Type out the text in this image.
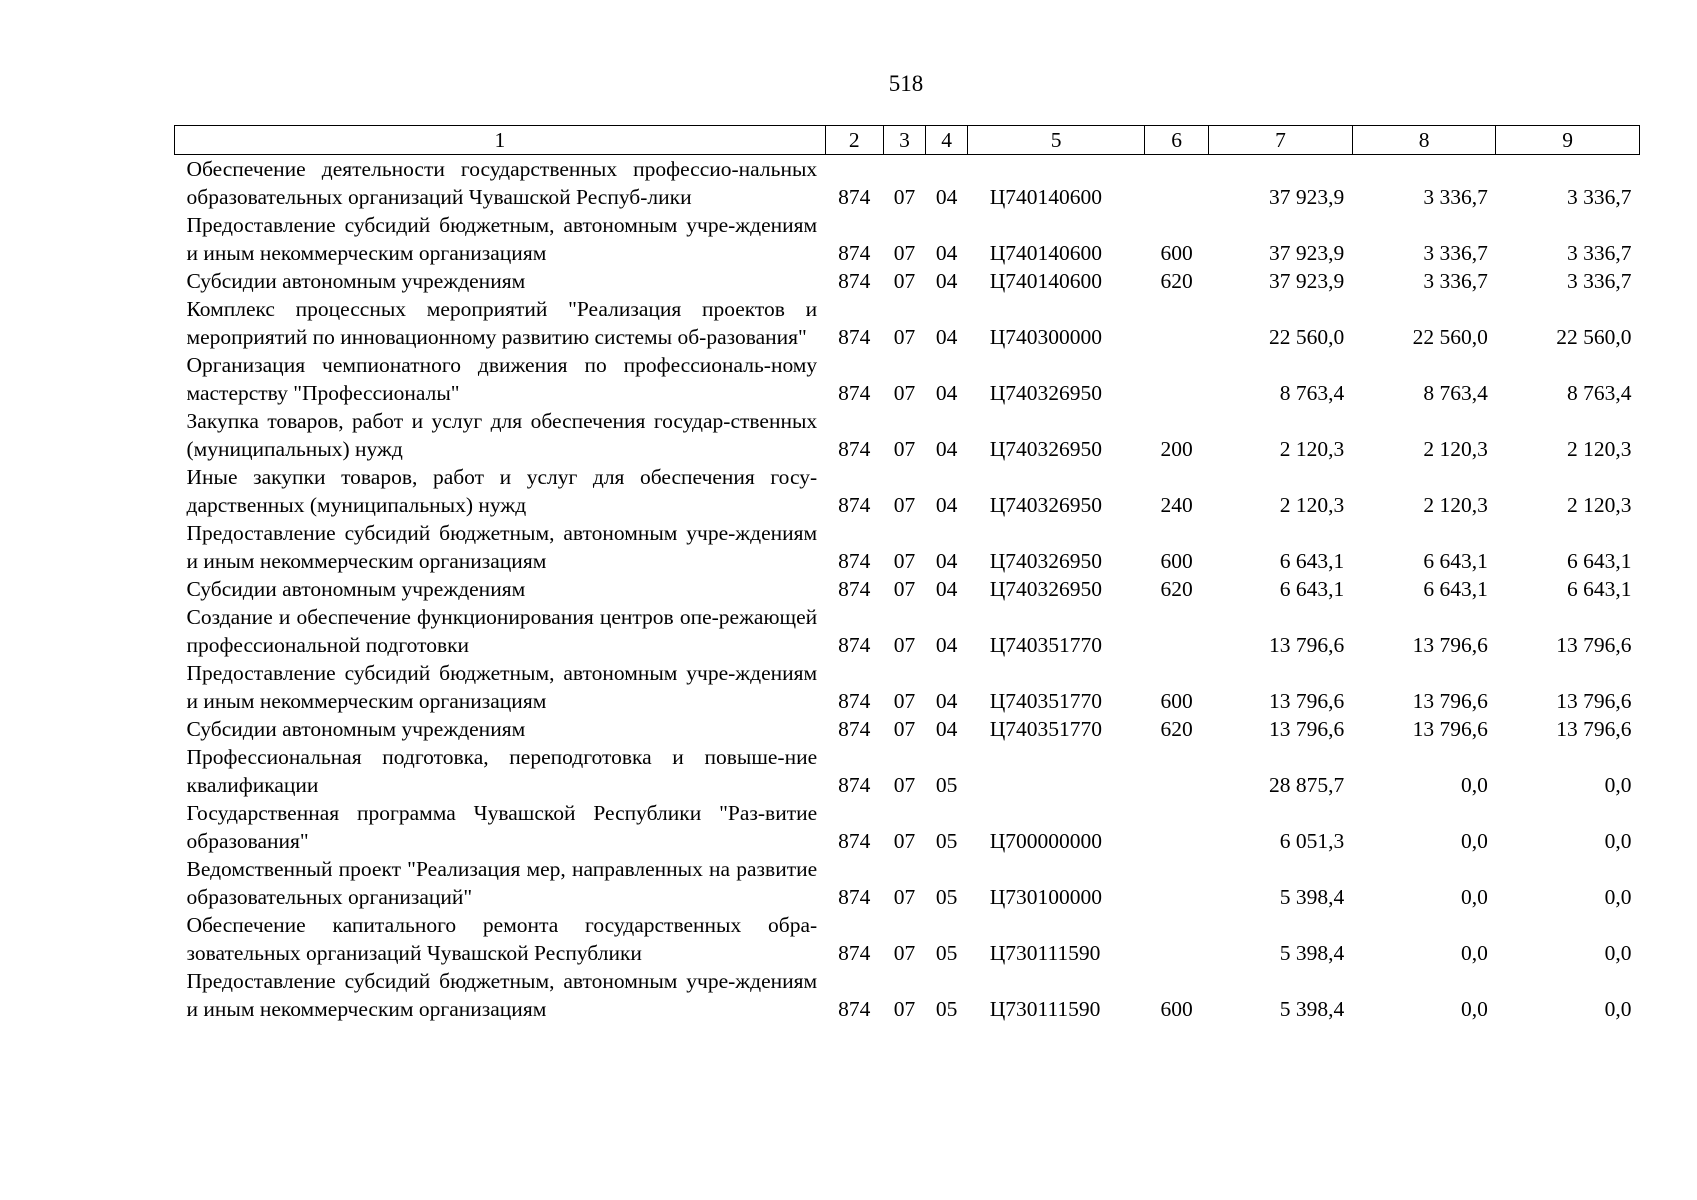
518
1	2	3	4	5	6	7	8	9
Обеспечение деятельности государственных профессио-нальных образовательных организаций Чувашской Респуб-лики	874	07	04	Ц740140600		37 923,9	3 336,7	3 336,7
Предоставление субсидий бюджетным, автономным учре-ждениям и иным некоммерческим организациям	874	07	04	Ц740140600	600	37 923,9	3 336,7	3 336,7
Субсидии автономным учреждениям	874	07	04	Ц740140600	620	37 923,9	3 336,7	3 336,7
Комплекс процессных мероприятий "Реализация проектов и мероприятий по инновационному развитию системы об-разования"	874	07	04	Ц740300000		22 560,0	22 560,0	22 560,0
Организация чемпионатного движения по профессиональ-ному мастерству "Профессионалы"	874	07	04	Ц740326950		8 763,4	8 763,4	8 763,4
Закупка товаров, работ и услуг для обеспечения государ-ственных (муниципальных) нужд	874	07	04	Ц740326950	200	2 120,3	2 120,3	2 120,3
Иные закупки товаров, работ и услуг для обеспечения госу-дарственных (муниципальных) нужд	874	07	04	Ц740326950	240	2 120,3	2 120,3	2 120,3
Предоставление субсидий бюджетным, автономным учре-ждениям и иным некоммерческим организациям	874	07	04	Ц740326950	600	6 643,1	6 643,1	6 643,1
Субсидии автономным учреждениям	874	07	04	Ц740326950	620	6 643,1	6 643,1	6 643,1
Создание и обеспечение функционирования центров опе-режающей профессиональной подготовки	874	07	04	Ц740351770		13 796,6	13 796,6	13 796,6
Предоставление субсидий бюджетным, автономным учре-ждениям и иным некоммерческим организациям	874	07	04	Ц740351770	600	13 796,6	13 796,6	13 796,6
Субсидии автономным учреждениям	874	07	04	Ц740351770	620	13 796,6	13 796,6	13 796,6
Профессиональная подготовка, переподготовка и повыше-ние квалификации	874	07	05			28 875,7	0,0	0,0
Государственная программа Чувашской Республики "Раз-витие образования"	874	07	05	Ц700000000		6 051,3	0,0	0,0
Ведомственный проект "Реализация мер, направленных на развитие образовательных организаций"	874	07	05	Ц730100000		5 398,4	0,0	0,0
Обеспечение капитального ремонта государственных обра-зовательных организаций Чувашской Республики	874	07	05	Ц730111590		5 398,4	0,0	0,0
Предоставление субсидий бюджетным, автономным учре-ждениям и иным некоммерческим организациям	874	07	05	Ц730111590	600	5 398,4	0,0	0,0
